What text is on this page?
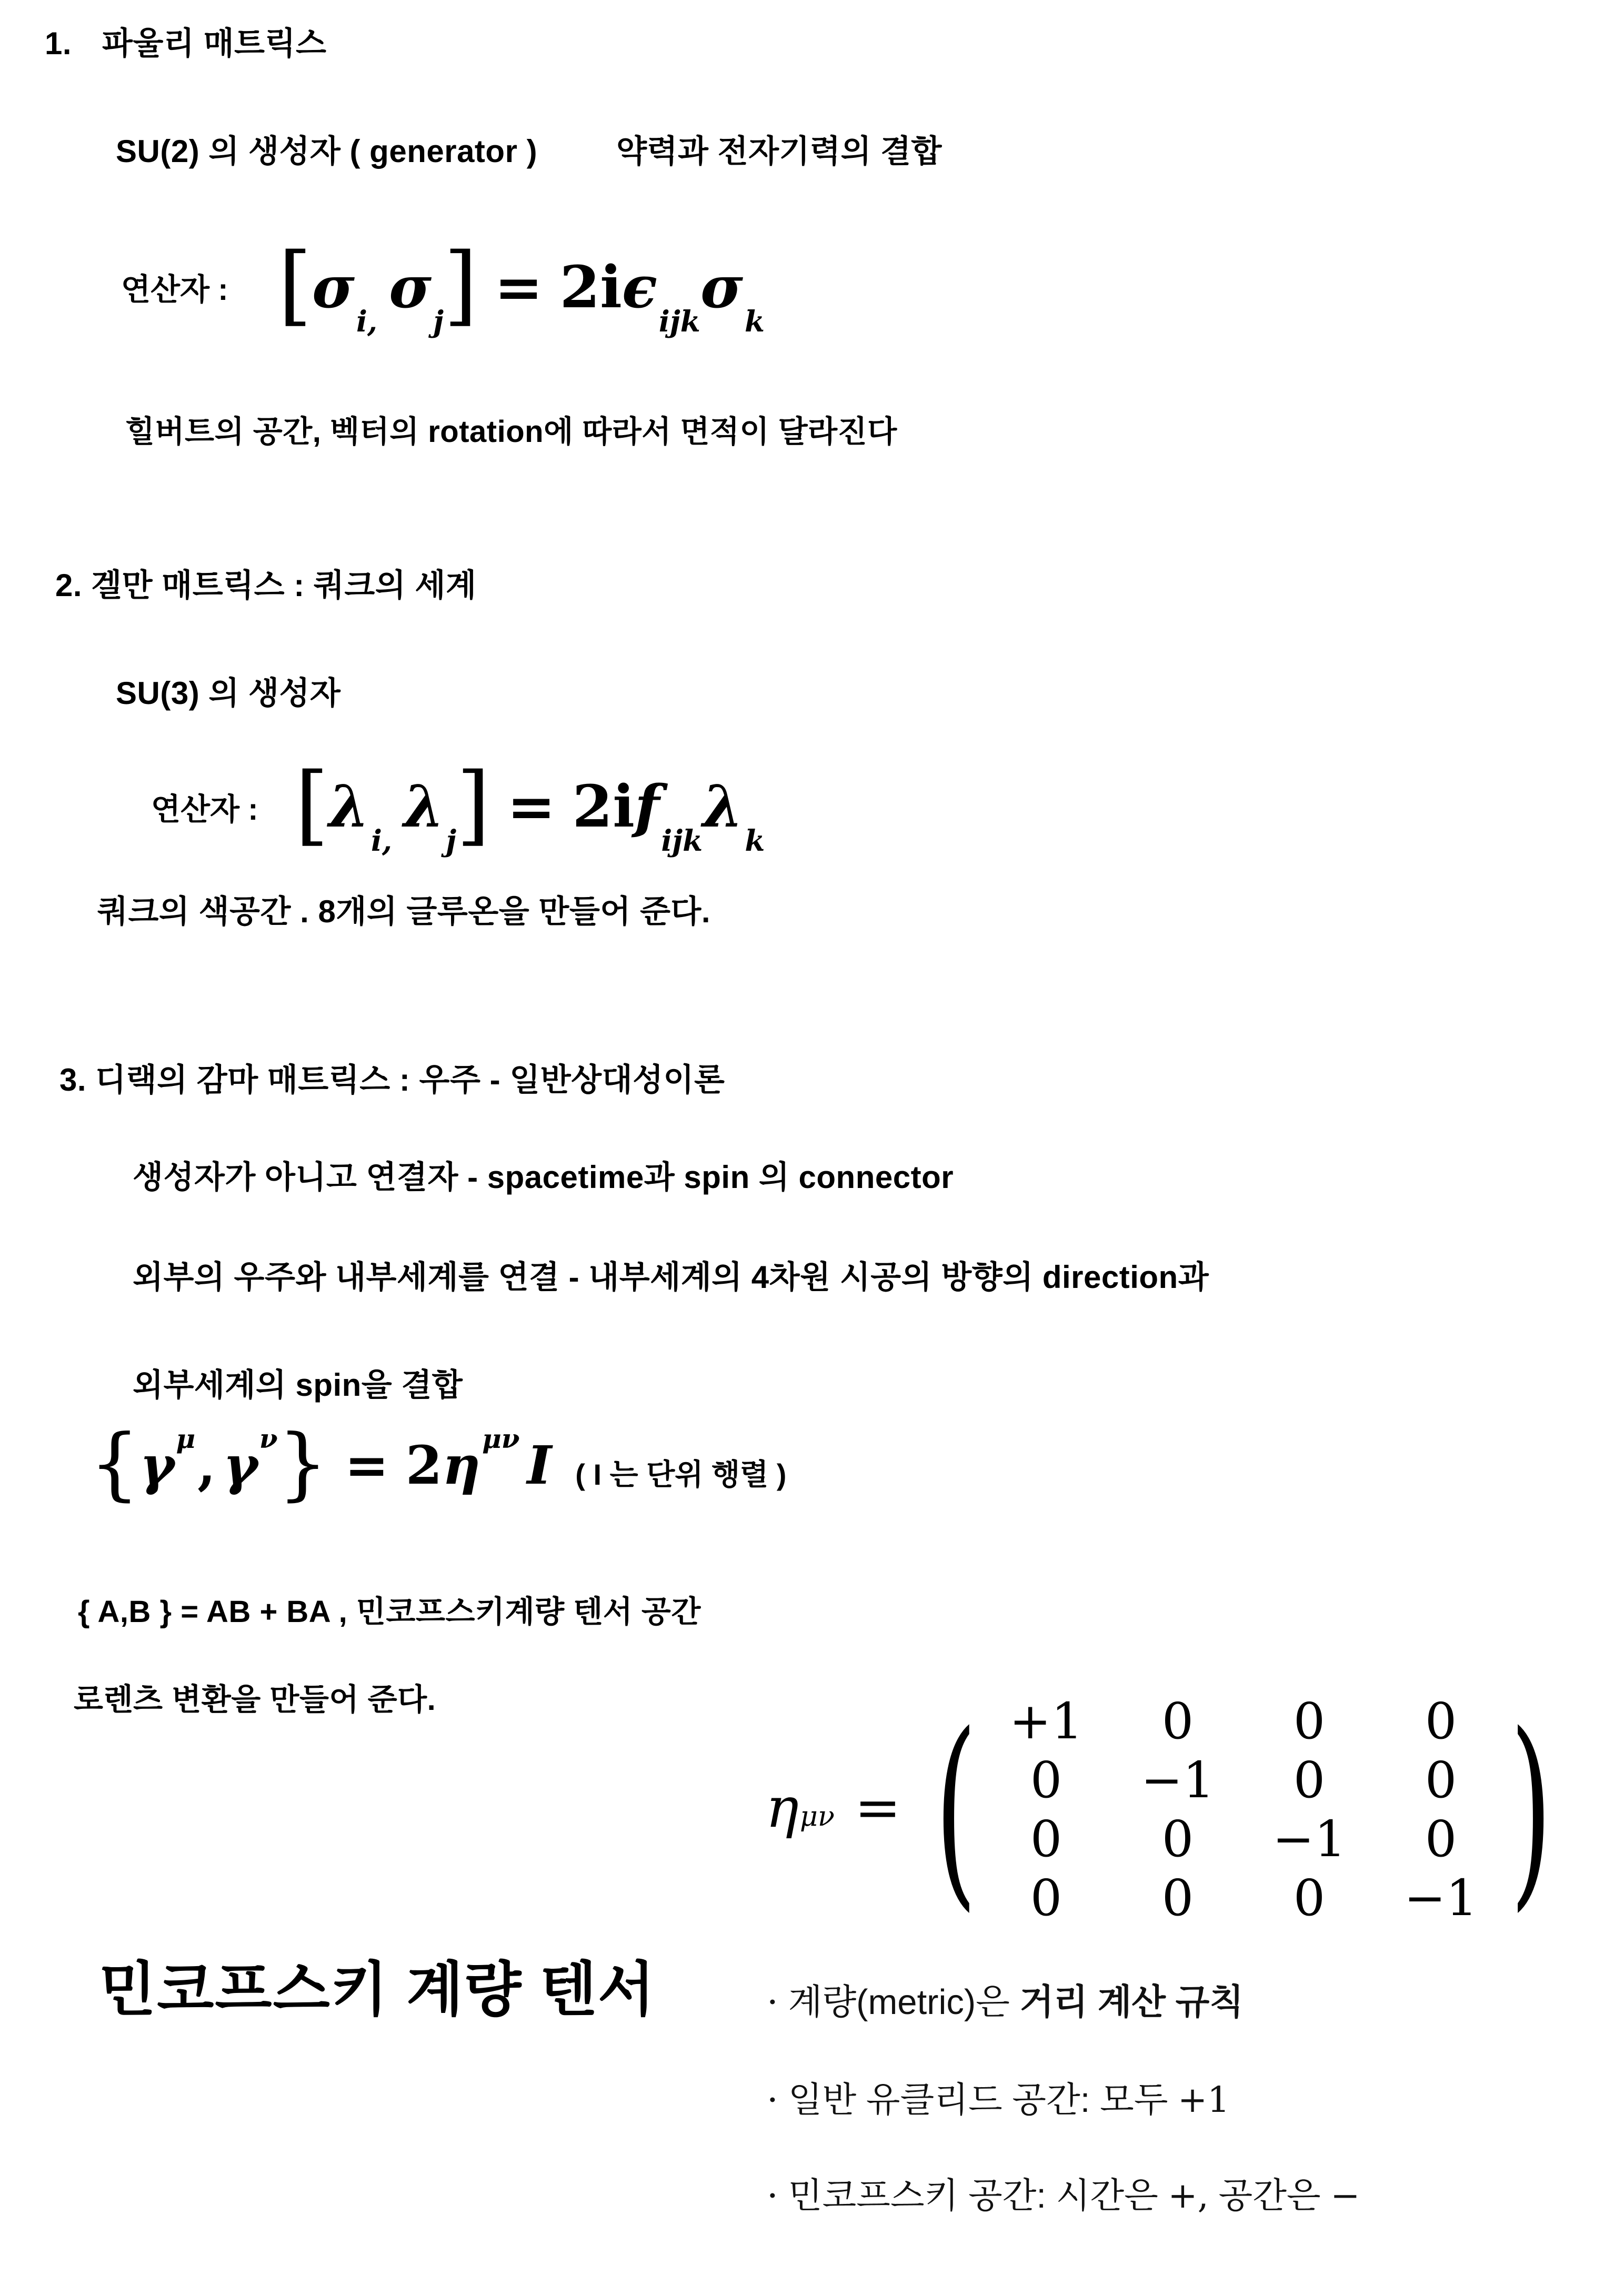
1. 파울리 매트릭스
SU(2) 의 생성자 ( generator )	약력과 전자기력의 결합
연산자 : [ σ
i,
σ
j ] = 2i ϵ
ijk
σ
k
힐버트의 공간, 벡터의 rotation에 따라서 면적이 달라진다
2. 겔만 매트릭스 : 쿼크의 세계
SU(3) 의 생성자
연산자 : [ λ
i,
λ
j ] = 2i f
ijk
λ
k
쿼크의 색공간 . 8개의 글루온을 만들어 준다.
3. 디랙의 감마 매트릭스 : 우주 - 일반상대성이론
생성자가 아니고 연결자 - spacetime과 spin 의 connector
외부의 우주와 내부세계를 연결 - 내부세계의 4차원 시공의 방향의 direction과
외부세계의 spin을 결합
{ γ μ , γ ν } = 2 η μν I ( I 는 단위 행렬 )
{ A,B } = AB + BA , 민코프스키계량 텐서 공간
로렌츠 변환을 만들어 준다.
η μν = ( +1 0 0 0
0 −1 0 0
0 0 −1 0
0 0 0 −1 )
민코프스키 계량 텐서	• 계량(metric)은 거리 계산 규칙
• 일반 유클리드 공간: 모두 +1
• 민코프스키 공간: 시간은 +, 공간은 −
